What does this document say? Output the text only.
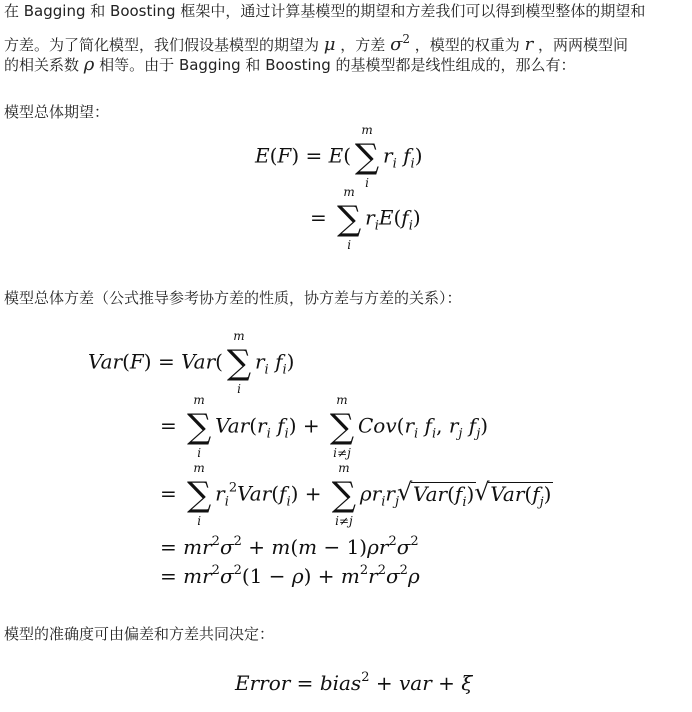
在 Bagging 和 Boosting 框架中，通过计算基模型的期望和方差我们可以得到模型整体的期望和
方差。为了简化模型，我们假设基模型的期望为 μ ，方差 $\sigma^2$ ，模型的权重为 r ，两两模型间
的相关系数 ρ 相等。由于 Bagging 和 Boosting 的基模型都是线性组成的，那么有：
模型总体期望：
E(F) = E(
m
∑
i
$r_i$ $f_i$)
=
m
∑
i
$r_iE(f_i)$
模型总体方差（公式推导参考协方差的性质，协方差与方差的关系）：
Var(F) = Var(
m
∑
i
$r_i$ $f_i$)
=
m
∑
i
$Var(r_i$ $f_i$) +
m
∑
i≠j
$Cov(r_i$ $f_i$, $r_j$ $f_j$)
=
m
∑
i
$r_i^2Var(f_i)$ +
m
∑
i≠j
$\rho r_ir_j√$ $Var(f_i)√$ $Var(f_j)$
= $mr^2\sigma^2 + m(m - 1)\rho r^2\sigma^2$
= $mr^2\sigma^2(1 - \rho) + m^2r^2\sigma^2\rho$
模型的准确度可由偏差和方差共同决定：
Error = bias$^2$ + var + ξ
